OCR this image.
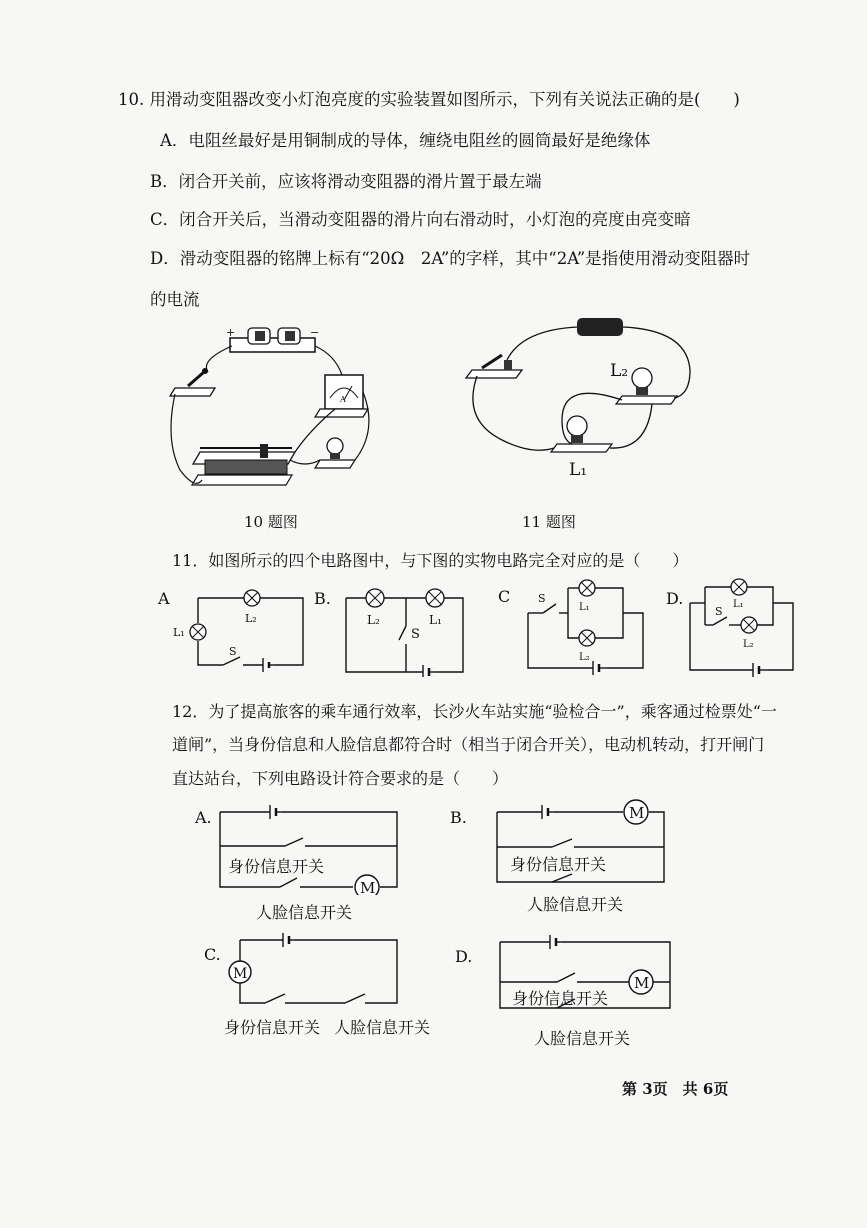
10. 用滑动变阻器改变小灯泡亮度的实验装置如图所示，下列有关说法正确的是(　　)
A．电阻丝最好是用铜制成的导体，缠绕电阻丝的圆筒最好是绝缘体
B．闭合开关前，应该将滑动变阻器的滑片置于最左端
C．闭合开关后，当滑动变阻器的滑片向右滑动时，小灯泡的亮度由亮变暗
D．滑动变阻器的铭牌上标有“20Ω　2A”的字样，其中“2A”是指使用滑动变阻器时
的电流
+	−
A
10 题图
L₂
L₁
11 题图
11．如图所示的四个电路图中，与下图的实物电路完全对应的是（　　）
A
L₂
L₁
S
B.
L₂	L₁
S
C	S
L₁
L₂
D.	L₁
S
L₂
12．为了提高旅客的乘车通行效率，长沙火车站实施“验检合一”，乘客通过检票处“一
道闸”，当身份信息和人脸信息都符合时（相当于闭合开关），电动机转动，打开闸门
直达站台，下列电路设计符合要求的是（　　）
A.
M
身份信息开关
人脸信息开关
B.	M
身份信息开关
人脸信息开关
C.
M
身份信息开关 人脸信息开关
D.
M
身份信息开关
人脸信息开关
第 3页　共 6页
